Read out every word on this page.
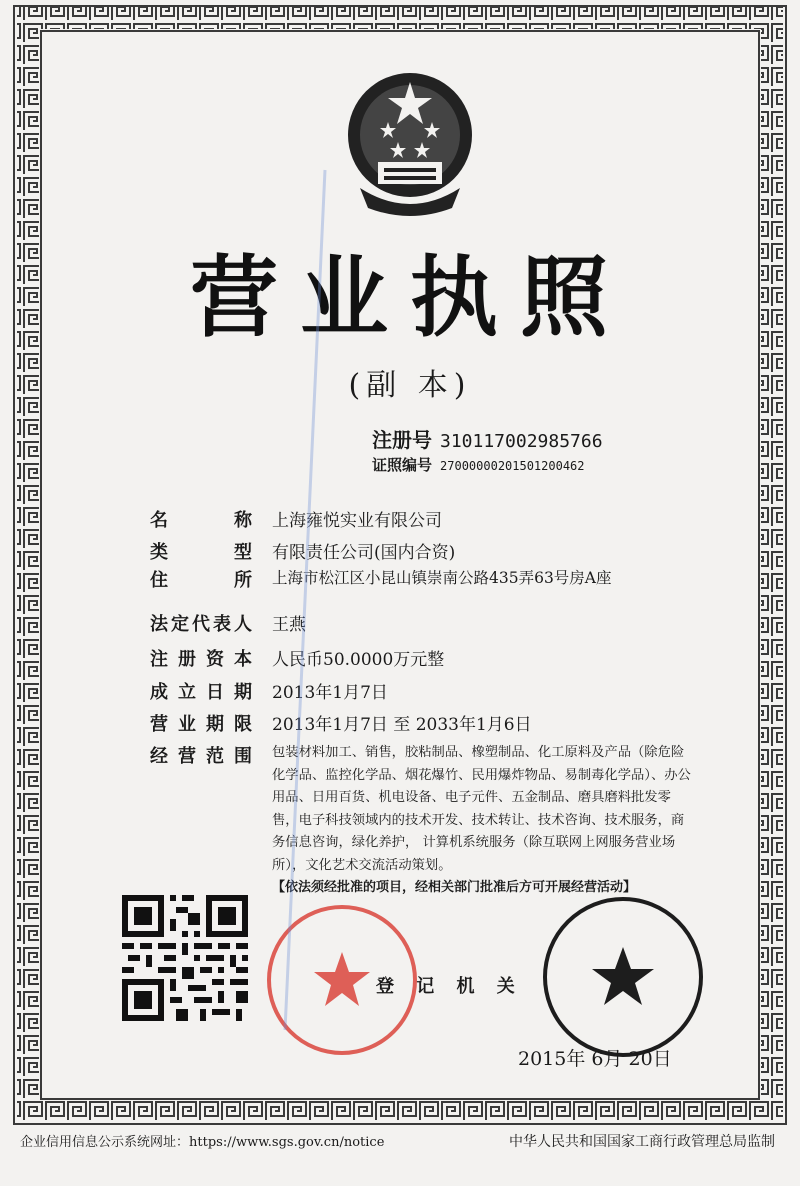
营业执照
(副 本)
注册号 310117002985766
证照编号 27000000201501200462
名称 上海雍悦实业有限公司
类型 有限责任公司(国内合资)
住所 上海市松江区小昆山镇崇南公路435弄63号房A座
法定代表人 王燕
注册资本 人民币50.0000万元整
成立日期 2013年1月7日
营业期限 2013年1月7日 至 2033年1月6日
经营范围 包装材料加工、销售，胶粘制品、橡塑制品、化工原料及产品（除危险化学品、监控化学品、烟花爆竹、民用爆炸物品、易制毒化学品）、办公用品、日用百货、机电设备、电子元件、五金制品、磨具磨料批发零售，电子科技领域内的技术开发、技术转让、技术咨询、技术服务，商务信息咨询，绿化养护， 计算机系统服务（除互联网上网服务营业场所），文化艺术交流活动策划。
【依法须经批准的项目，经相关部门批准后方可开展经营活动】
登 记 机 关
2015年 6月 20日
企业信用信息公示系统网址：https://www.sgs.gov.cn/notice	中华人民共和国国家工商行政管理总局监制
